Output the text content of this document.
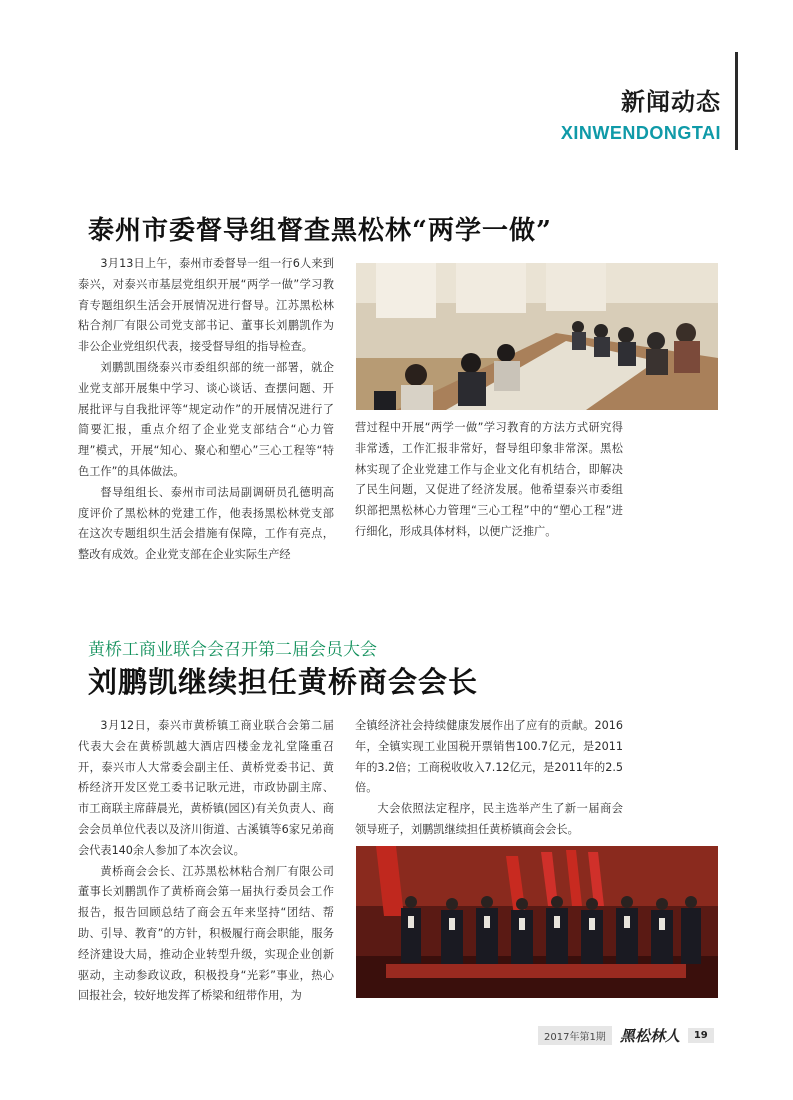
新闻动态
XINWENDONGTAI
泰州市委督导组督查黑松林“两学一做”

3月13日上午，泰州市委督导一组一行6人来到泰兴，对泰兴市基层党组织开展“两学一做”学习教育专题组织生活会开展情况进行督导。江苏黑松林粘合剂厂有限公司党支部书记、董事长刘鹏凯作为非公企业党组织代表，接受督导组的指导检查。

刘鹏凯围绕泰兴市委组织部的统一部署，就企业党支部开展集中学习、谈心谈话、查摆问题、开展批评与自我批评等“规定动作”的开展情况进行了简要汇报，重点介绍了企业党支部结合“心力管理”模式，开展“知心、聚心和塑心”三心工程等“特色工作”的具体做法。

督导组组长、泰州市司法局副调研员孔德明高度评价了黑松林的党建工作，他表扬黑松林党支部在这次专题组织生活会措施有保障，工作有亮点，整改有成效。企业党支部在企业实际生产经

营过程中开展“两学一做”学习教育的方法方式研究得非常透，工作汇报非常好，督导组印象非常深。黑松林实现了企业党建工作与企业文化有机结合，即解决了民生问题，又促进了经济发展。他希望泰兴市委组织部把黑松林心力管理“三心工程”中的“塑心工程”进行细化，形成具体材料，以便广泛推广。

黄桥工商业联合会召开第二届会员大会
刘鹏凯继续担任黄桥商会会长

3月12日，泰兴市黄桥镇工商业联合会第二届代表大会在黄桥凯越大酒店四楼金龙礼堂隆重召开，泰兴市人大常委会副主任、黄桥党委书记、黄桥经济开发区党工委书记耿元进，市政协副主席、市工商联主席薛晨光，黄桥镇(园区)有关负责人、商会会员单位代表以及济川街道、古溪镇等6家兄弟商会代表140余人参加了本次会议。

黄桥商会会长、江苏黑松林粘合剂厂有限公司董事长刘鹏凯作了黄桥商会第一届执行委员会工作报告，报告回顾总结了商会五年来坚持“团结、帮助、引导、教育”的方针，积极履行商会职能，服务经济建设大局，推动企业转型升级，实现企业创新驱动，主动参政议政，积极投身“光彩”事业，热心回报社会，较好地发挥了桥梁和纽带作用，为

全镇经济社会持续健康发展作出了应有的贡献。2016年，全镇实现工业国税开票销售100.7亿元，是2011年的3.2倍；工商税收收入7.12亿元，是2011年的2.5倍。

大会依照法定程序，民主选举产生了新一届商会领导班子，刘鹏凯继续担任黄桥镇商会会长。

2017年第1期 黑松林人	19
